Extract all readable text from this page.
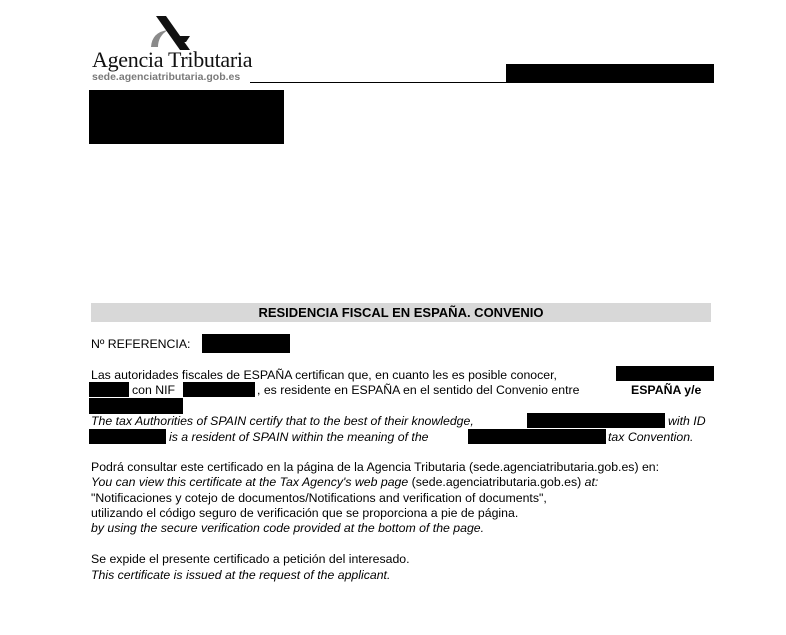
Agencia Tributaria
sede.agenciatributaria.gob.es
RESIDENCIA FISCAL EN ESPAÑA. CONVENIO
Nº REFERENCIA:
Las autoridades fiscales de ESPAÑA certifican que, en cuanto les es posible conocer,
con NIF	, es residente en ESPAÑA en el sentido del Convenio entre	ESPAÑA y/e
The tax Authorities of SPAIN certify that to the best of their knowledge,	with ID
is a resident of SPAIN within the meaning of the	tax Convention.
Podrá consultar este certificado en la página de la Agencia Tributaria (sede.agenciatributaria.gob.es) en:
You can view this certificate at the Tax Agency's web page (sede.agenciatributaria.gob.es) at:
"Notificaciones y cotejo de documentos/Notifications and verification of documents",
utilizando el código seguro de verificación que se proporciona a pie de página.
by using the secure verification code provided at the bottom of the page.
Se expide el presente certificado a petición del interesado.
This certificate is issued at the request of the applicant.
